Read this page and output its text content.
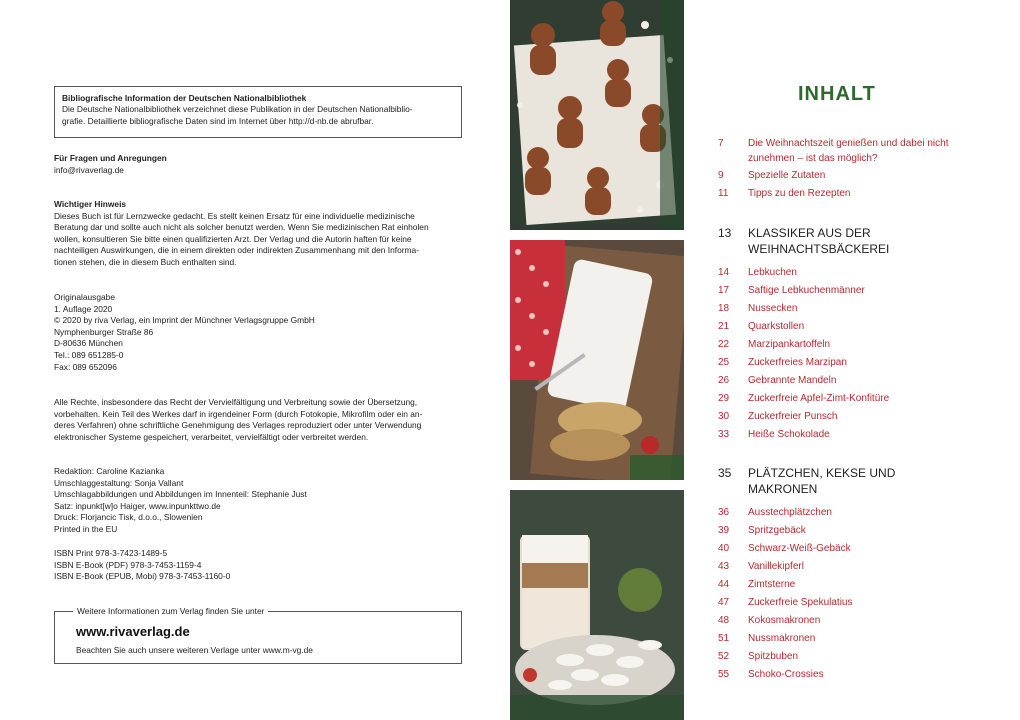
Bibliografische Information der Deutschen Nationalbibliothek
Die Deutsche Nationalbibliothek verzeichnet diese Publikation in der Deutschen Nationalbiblio-
grafie. Detaillierte bibliografische Daten sind im Internet über http://d-nb.de abrufbar.
Für Fragen und Anregungen
info@rivaverlag.de
Wichtiger Hinweis
Dieses Buch ist für Lernzwecke gedacht. Es stellt keinen Ersatz für eine individuelle medizinische
Beratung dar und sollte auch nicht als solcher benutzt werden. Wenn Sie medizinischen Rat einholen
wollen, konsultieren Sie bitte einen qualifizierten Arzt. Der Verlag und die Autorin haften für keine
nachteiligen Auswirkungen, die in einem direkten oder indirekten Zusammenhang mit den Informa-
tionen stehen, die in diesem Buch enthalten sind.
Originalausgabe
1. Auflage 2020
© 2020 by riva Verlag, ein Imprint der Münchner Verlagsgruppe GmbH
Nymphenburger Straße 86
D-80636 München
Tel.: 089 651285-0
Fax: 089 652096
Alle Rechte, insbesondere das Recht der Vervielfältigung und Verbreitung sowie der Übersetzung,
vorbehalten. Kein Teil des Werkes darf in irgendeiner Form (durch Fotokopie, Mikrofilm oder ein an-
deres Verfahren) ohne schriftliche Genehmigung des Verlages reproduziert oder unter Verwendung
elektronischer Systeme gespeichert, verarbeitet, vervielfältigt oder verbreitet werden.
Redaktion: Caroline Kazianka
Umschlaggestaltung: Sonja Vallant
Umschlagabbildungen und Abbildungen im Innenteil: Stephanie Just
Satz: inpunkt[w]o Haiger, www.inpunkttwo.de
Druck: Florjancic Tisk, d.o.o., Slowenien
Printed in the EU
ISBN Print 978-3-7423-1489-5
ISBN E-Book (PDF) 978-3-7453-1159-4
ISBN E-Book (EPUB, Mobi) 978-3-7453-1160-0
Weitere Informationen zum Verlag finden Sie unter
www.rivaverlag.de
Beachten Sie auch unsere weiteren Verlage unter www.m-vg.de
INHALT
7 Die Weihnachtszeit genießen und dabei nicht zunehmen – ist das möglich?
9 Spezielle Zutaten
11 Tipps zu den Rezepten
13 KLASSIKER AUS DER WEIHNACHTSBÄCKEREI
14 Lebkuchen
17 Saftige Lebkuchenmänner
18 Nussecken
21 Quarkstollen
22 Marzipankartoffeln
25 Zuckerfreies Marzipan
26 Gebrannte Mandeln
29 Zuckerfreie Apfel-Zimt-Konfitüre
30 Zuckerfreier Punsch
33 Heiße Schokolade
35 PLÄTZCHEN, KEKSE UND MAKRONEN
36 Ausstechplätzchen
39 Spritzgebäck
40 Schwarz-Weiß-Gebäck
43 Vanillekipferl
44 Zimtsterne
47 Zuckerfreie Spekulatius
48 Kokosmakronen
51 Nussmakronen
52 Spitzbuben
55 Schoko-Crossies
